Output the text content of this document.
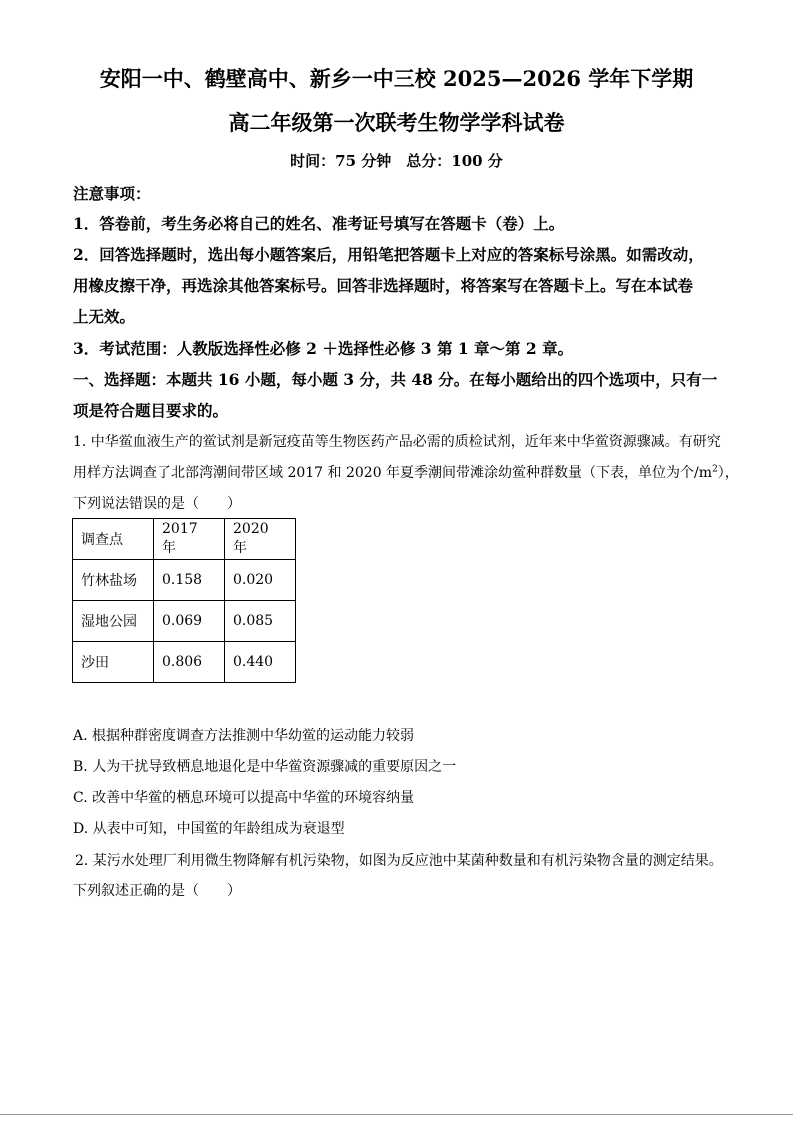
安阳一中、鹤壁高中、新乡一中三校 2025—2026 学年下学期
高二年级第一次联考生物学学科试卷
时间：75 分钟　总分：100 分
注意事项：
1．答卷前，考生务必将自己的姓名、准考证号填写在答题卡（卷）上。
2．回答选择题时，选出每小题答案后，用铅笔把答题卡上对应的答案标号涂黑。如需改动，
用橡皮擦干净，再选涂其他答案标号。回答非选择题时，将答案写在答题卡上。写在本试卷
上无效。
3．考试范围：人教版选择性必修 2 ＋选择性必修 3 第 1 章～第 2 章。
一、选择题：本题共 16 小题，每小题 3 分，共 48 分。在每小题给出的四个选项中，只有一
项是符合题目要求的。
1. 中华鲎血液生产的鲎试剂是新冠疫苗等生物医药产品必需的质检试剂，近年来中华鲎资源骤减。有研究
用样方法调查了北部湾潮间带区域 2017 和 2020 年夏季潮间带滩涂幼鲎种群数量（下表，单位为个$/m^2$），
下列说法错误的是（　　）
调查点	2017 年	2020 年
竹林盐场	0.158	0.020
湿地公园	0.069	0.085
沙田	0.806	0.440
A. 根据种群密度调查方法推测中华幼鲎的运动能力较弱
B. 人为干扰导致栖息地退化是中华鲎资源骤减的重要原因之一
C. 改善中华鲎的栖息环境可以提高中华鲎的环境容纳量
D. 从表中可知，中国鲎的年龄组成为衰退型
2. 某污水处理厂利用微生物降解有机污染物，如图为反应池中某菌种数量和有机污染物含量的测定结果。
下列叙述正确的是（　　）
